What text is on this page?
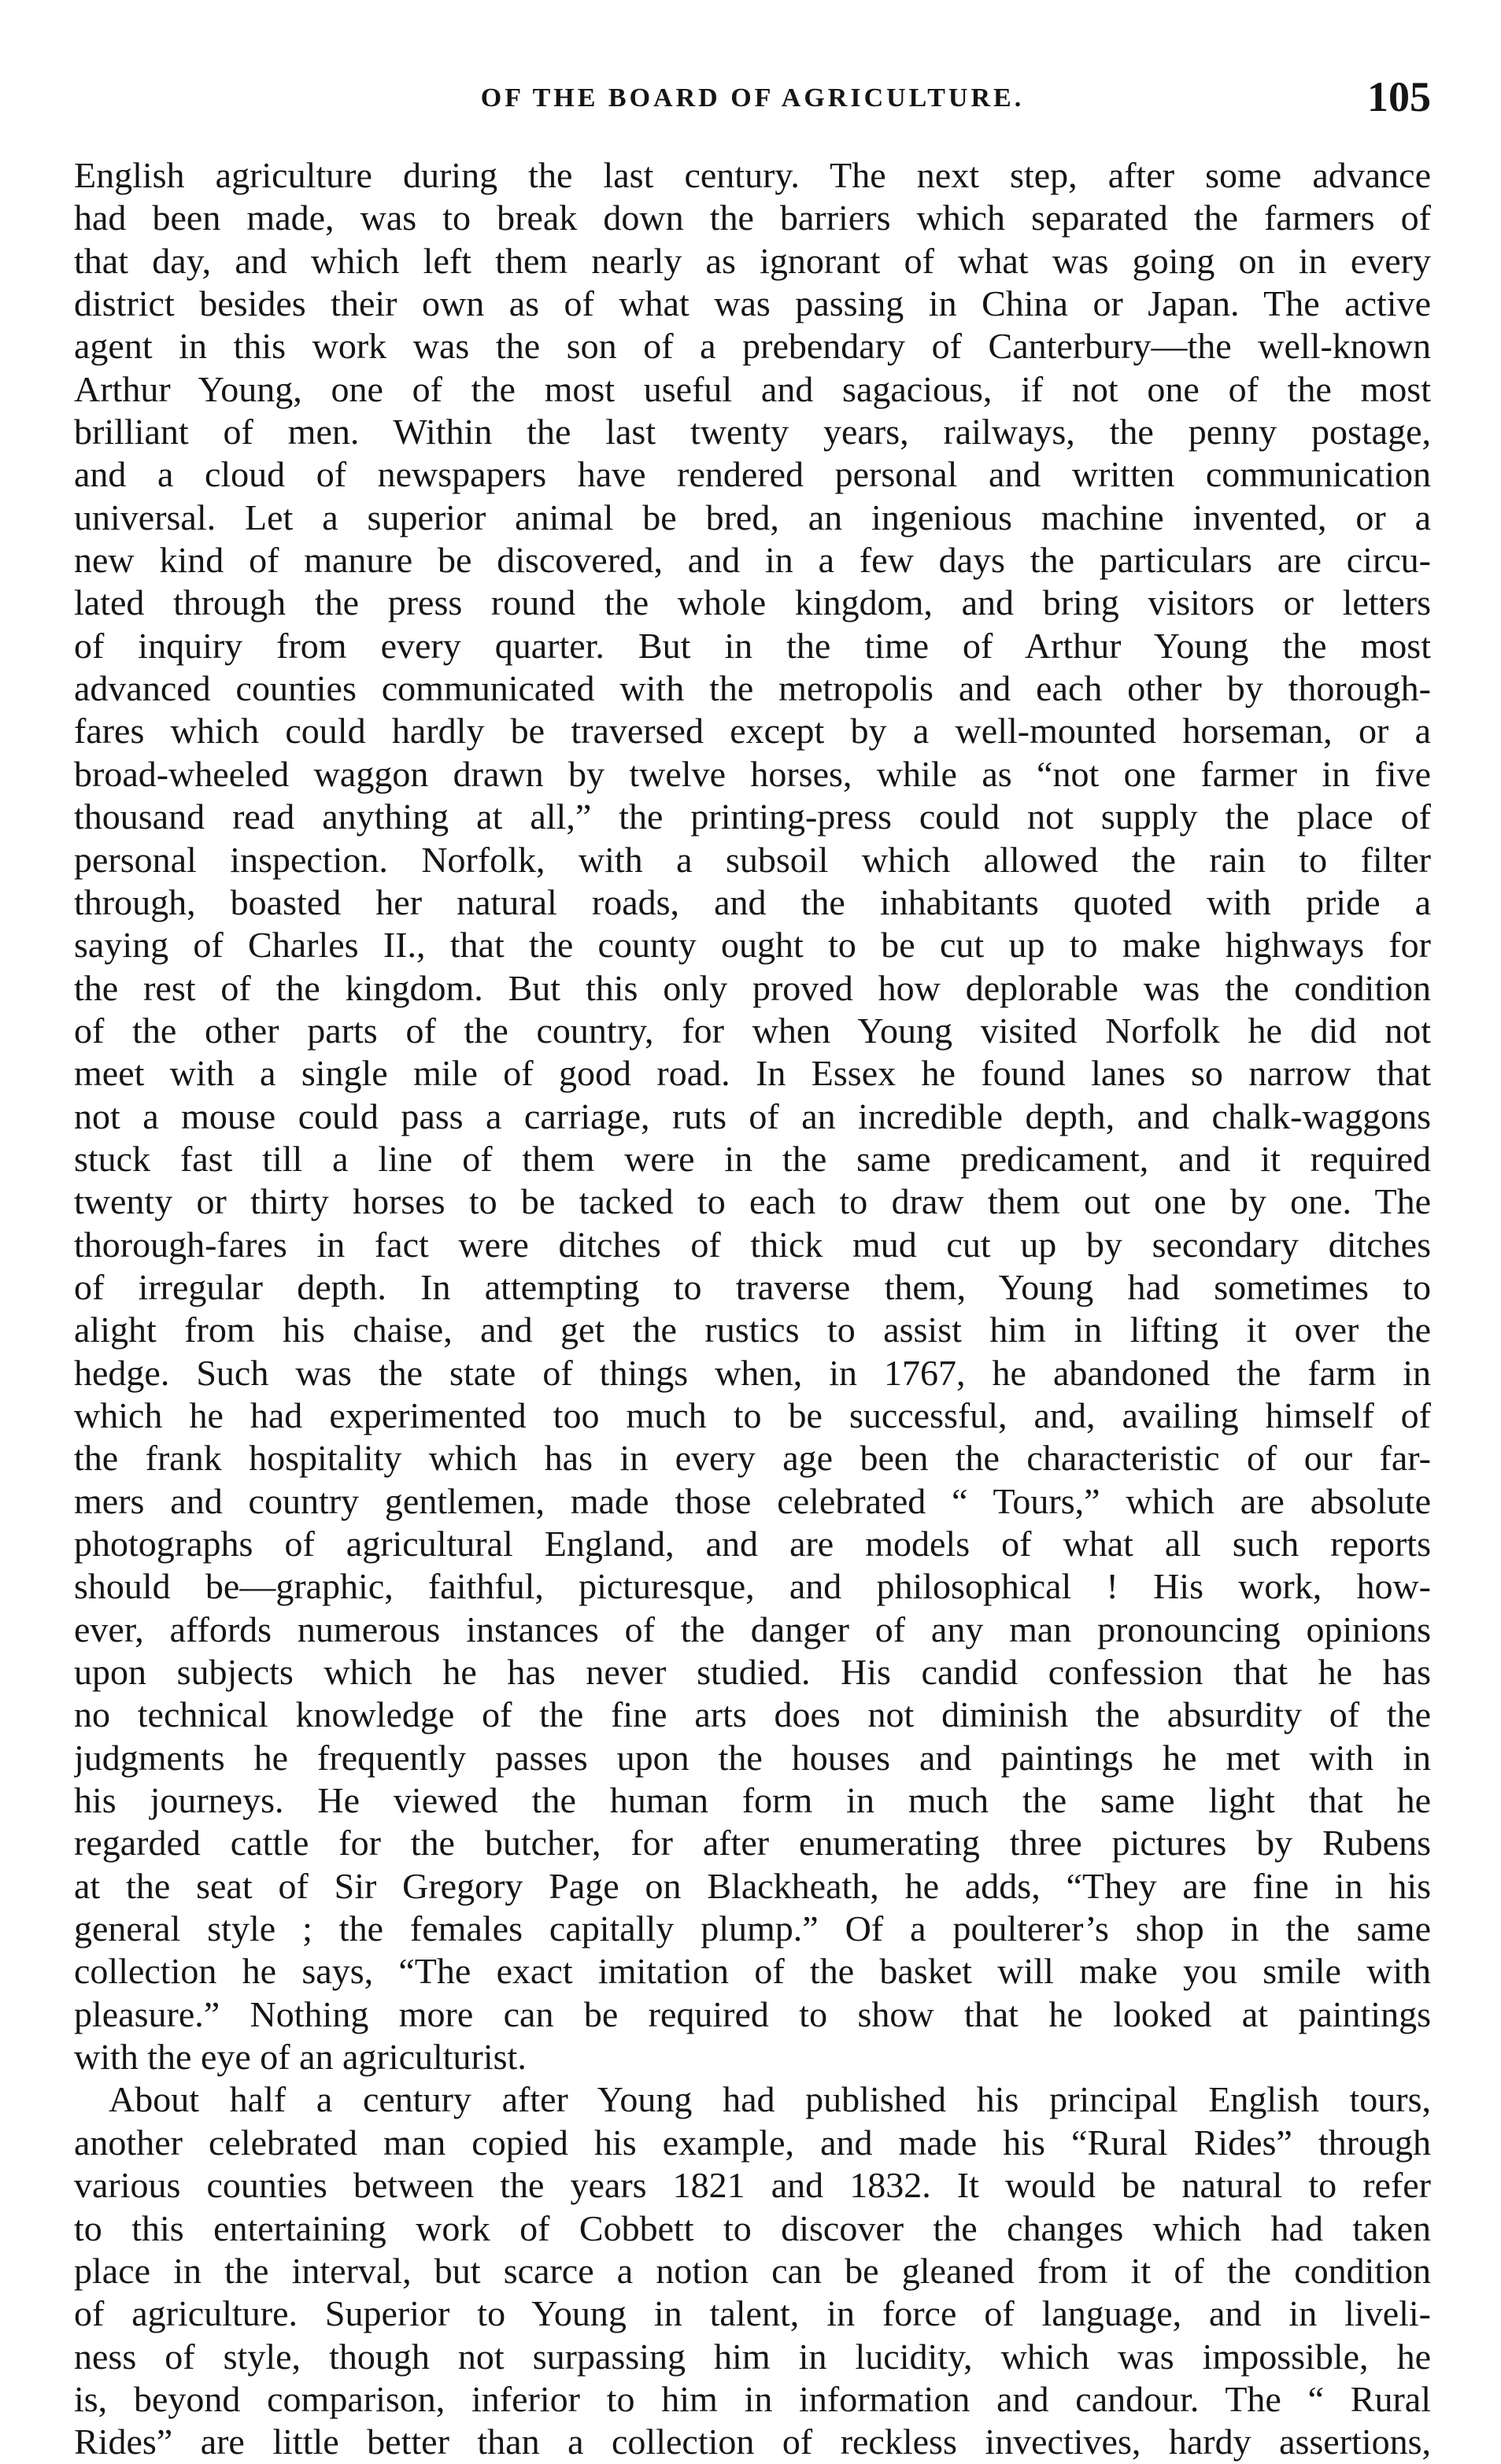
OF THE BOARD OF AGRICULTURE.	105
English agriculture during the last century. The next step, after some advance
had been made, was to break down the barriers which separated the farmers of
that day, and which left them nearly as ignorant of what was going on in every
district besides their own as of what was passing in China or Japan. The active
agent in this work was the son of a prebendary of Canterbury—the well-known
Arthur Young, one of the most useful and sagacious, if not one of the most
brilliant of men. Within the last twenty years, railways, the penny postage,
and a cloud of newspapers have rendered personal and written communication
universal. Let a superior animal be bred, an ingenious machine invented, or a
new kind of manure be discovered, and in a few days the particulars are circu-
lated through the press round the whole kingdom, and bring visitors or letters
of inquiry from every quarter. But in the time of Arthur Young the most
advanced counties communicated with the metropolis and each other by thorough-
fares which could hardly be traversed except by a well-mounted horseman, or a
broad-wheeled waggon drawn by twelve horses, while as “not one farmer in five
thousand read anything at all,” the printing-press could not supply the place of
personal inspection. Norfolk, with a subsoil which allowed the rain to filter
through, boasted her natural roads, and the inhabitants quoted with pride a
saying of Charles II., that the county ought to be cut up to make highways for
the rest of the kingdom. But this only proved how deplorable was the condition
of the other parts of the country, for when Young visited Norfolk he did not
meet with a single mile of good road. In Essex he found lanes so narrow that
not a mouse could pass a carriage, ruts of an incredible depth, and chalk-waggons
stuck fast till a line of them were in the same predicament, and it required
twenty or thirty horses to be tacked to each to draw them out one by one. The
thorough-fares in fact were ditches of thick mud cut up by secondary ditches
of irregular depth. In attempting to traverse them, Young had sometimes to
alight from his chaise, and get the rustics to assist him in lifting it over the
hedge. Such was the state of things when, in 1767, he abandoned the farm in
which he had experimented too much to be successful, and, availing himself of
the frank hospitality which has in every age been the characteristic of our far-
mers and country gentlemen, made those celebrated “ Tours,” which are absolute
photographs of agricultural England, and are models of what all such reports
should be—graphic, faithful, picturesque, and philosophical ! His work, how-
ever, affords numerous instances of the danger of any man pronouncing opinions
upon subjects which he has never studied. His candid confession that he has
no technical knowledge of the fine arts does not diminish the absurdity of the
judgments he frequently passes upon the houses and paintings he met with in
his journeys. He viewed the human form in much the same light that he
regarded cattle for the butcher, for after enumerating three pictures by Rubens
at the seat of Sir Gregory Page on Blackheath, he adds, “They are fine in his
general style ; the females capitally plump.” Of a poulterer’s shop in the same
collection he says, “The exact imitation of the basket will make you smile with
pleasure.” Nothing more can be required to show that he looked at paintings
with the eye of an agriculturist.
About half a century after Young had published his principal English tours,
another celebrated man copied his example, and made his “Rural Rides” through
various counties between the years 1821 and 1832. It would be natural to refer
to this entertaining work of Cobbett to discover the changes which had taken
place in the interval, but scarce a notion can be gleaned from it of the condition
of agriculture. Superior to Young in talent, in force of language, and in liveli-
ness of style, though not surpassing him in lucidity, which was impossible, he
is, beyond comparison, inferior to him in information and candour. The “ Rural
Rides” are little better than a collection of reckless invectives, hardy assertions,
